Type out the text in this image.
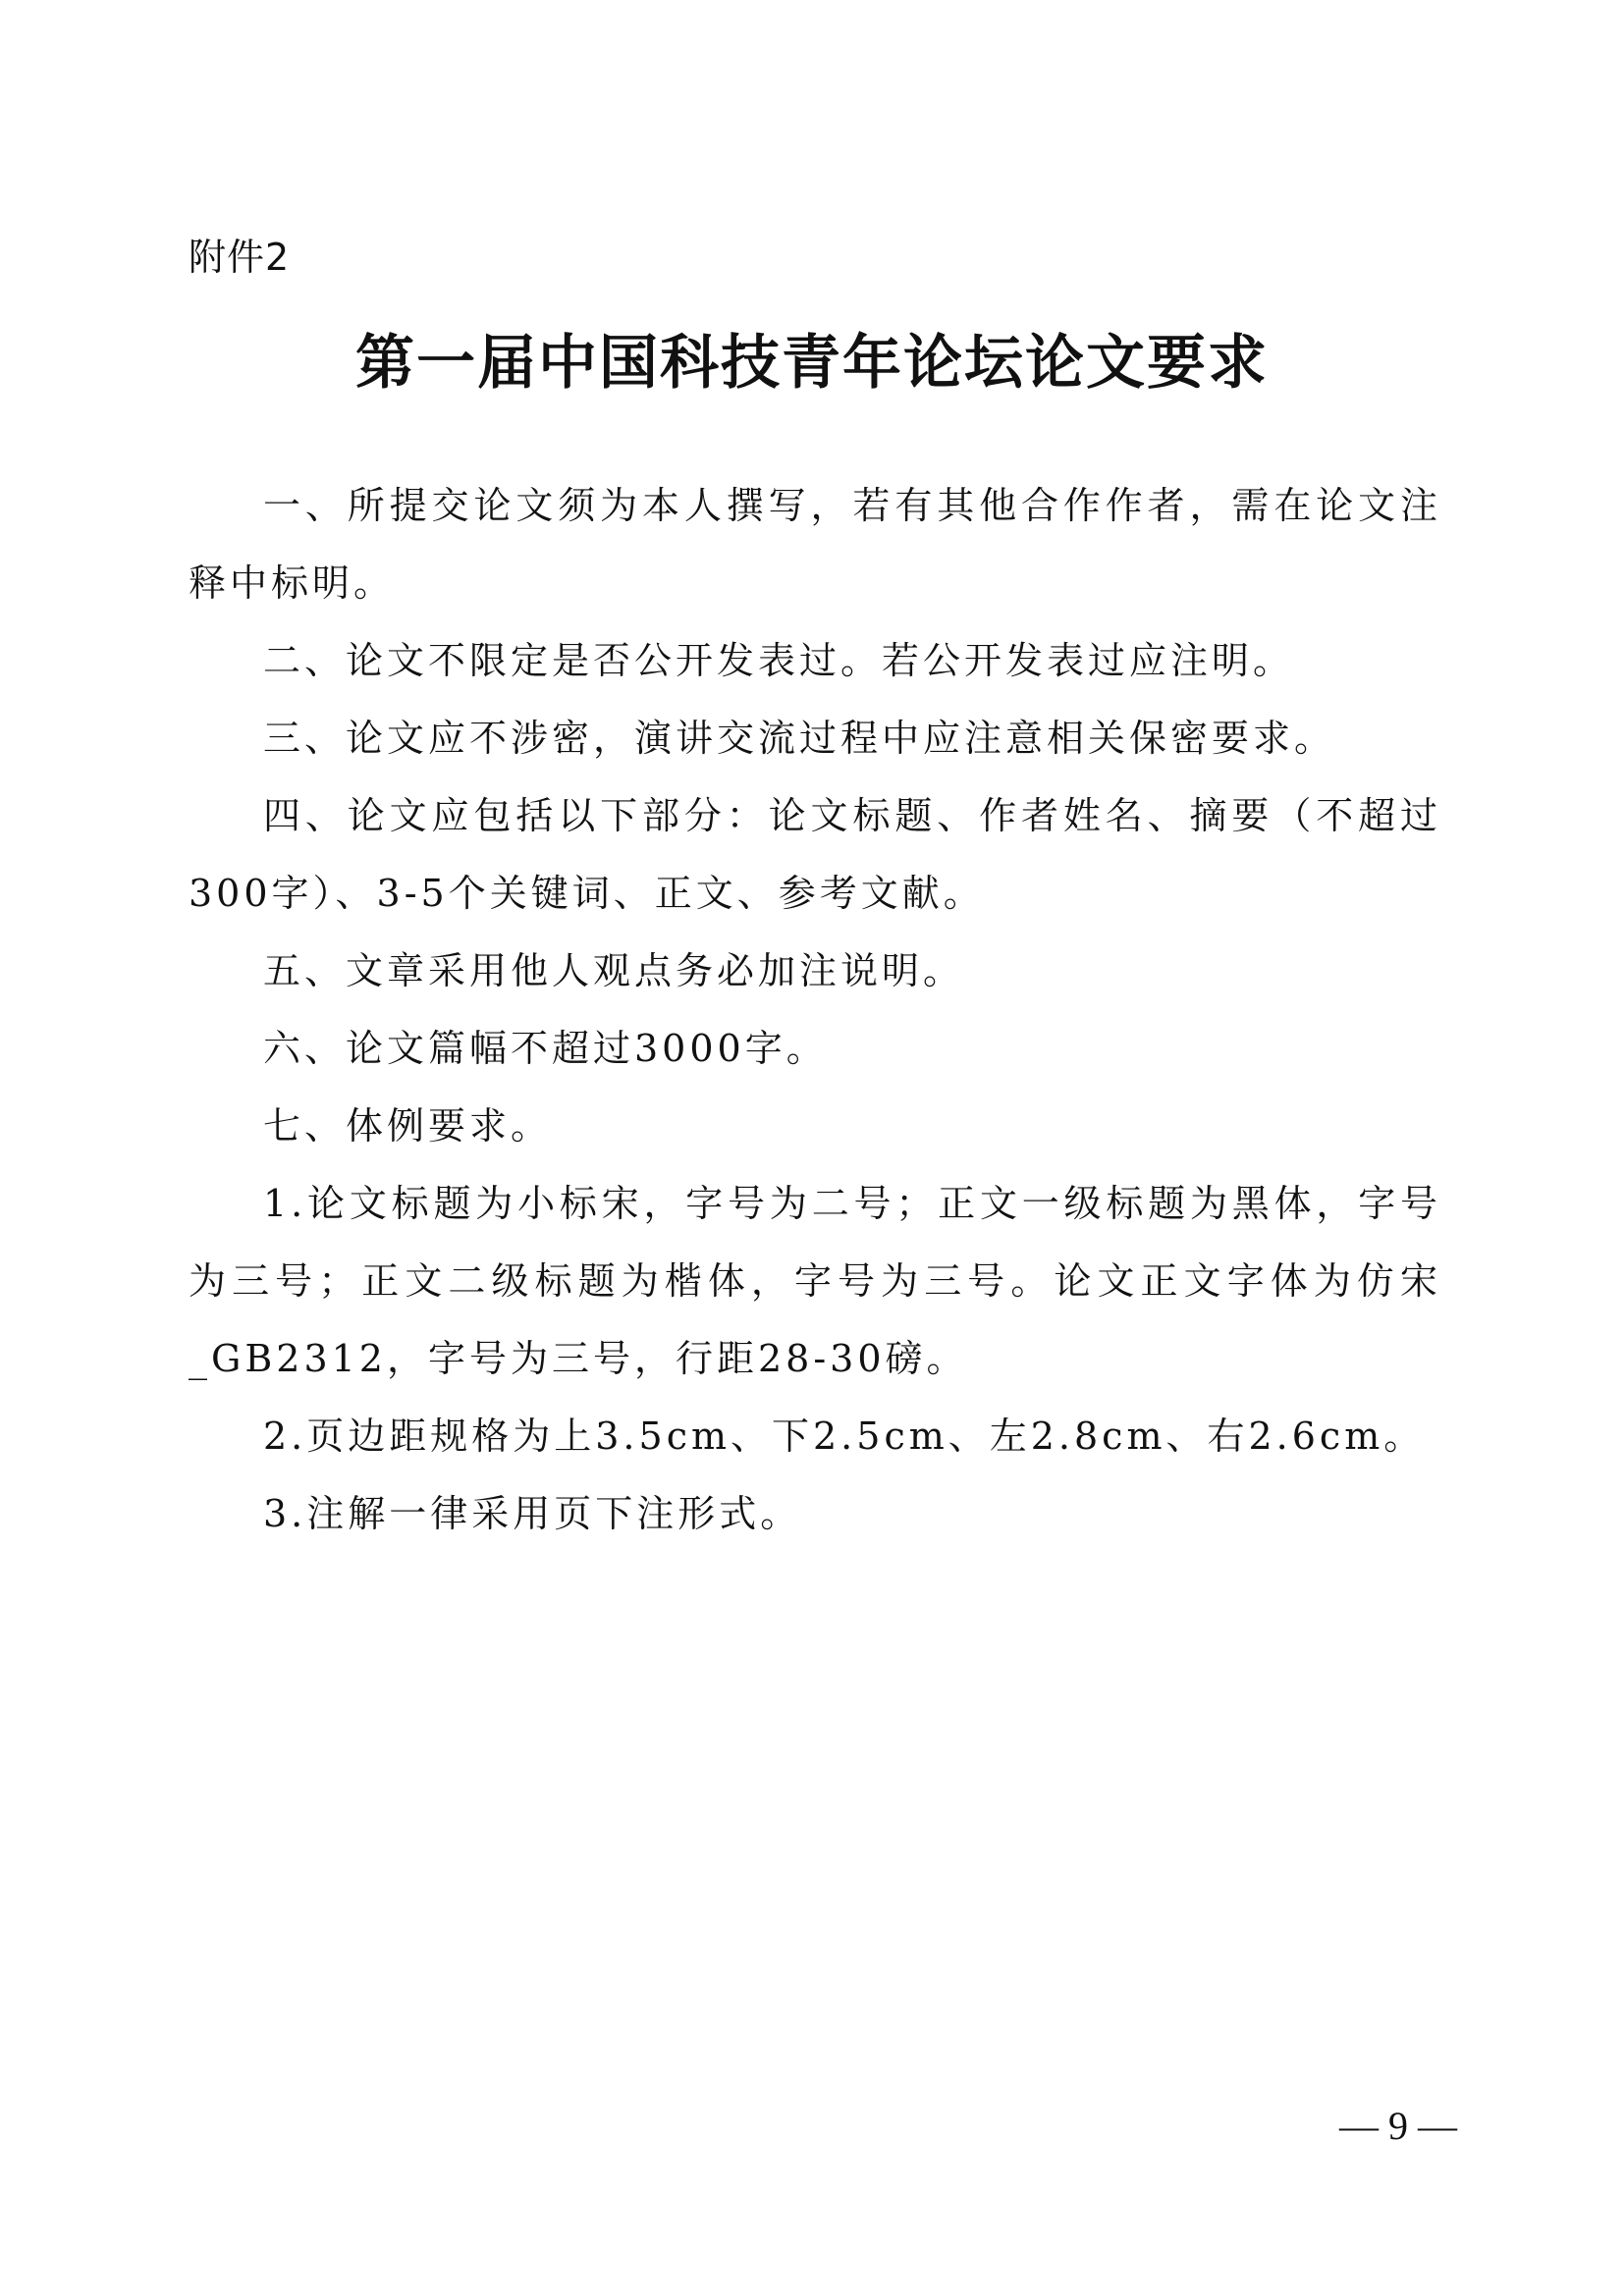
附件2
第一届中国科技青年论坛论文要求

一、所提交论文须为本人撰写，若有其他合作作者，需在论文注释中标明。

二、论文不限定是否公开发表过。若公开发表过应注明。

三、论文应不涉密，演讲交流过程中应注意相关保密要求。

四、论文应包括以下部分：论文标题、作者姓名、摘要（不超过300字）、3-5个关键词、正文、参考文献。

五、文章采用他人观点务必加注说明。

六、论文篇幅不超过3000字。

七、体例要求。

1.论文标题为小标宋，字号为二号；正文一级标题为黑体，字号为三号；正文二级标题为楷体，字号为三号。论文正文字体为仿宋_GB2312，字号为三号，行距28-30磅。

2.页边距规格为上3.5cm、下2.5cm、左2.8cm、右2.6cm。

3.注解一律采用页下注形式。

— 9 —
